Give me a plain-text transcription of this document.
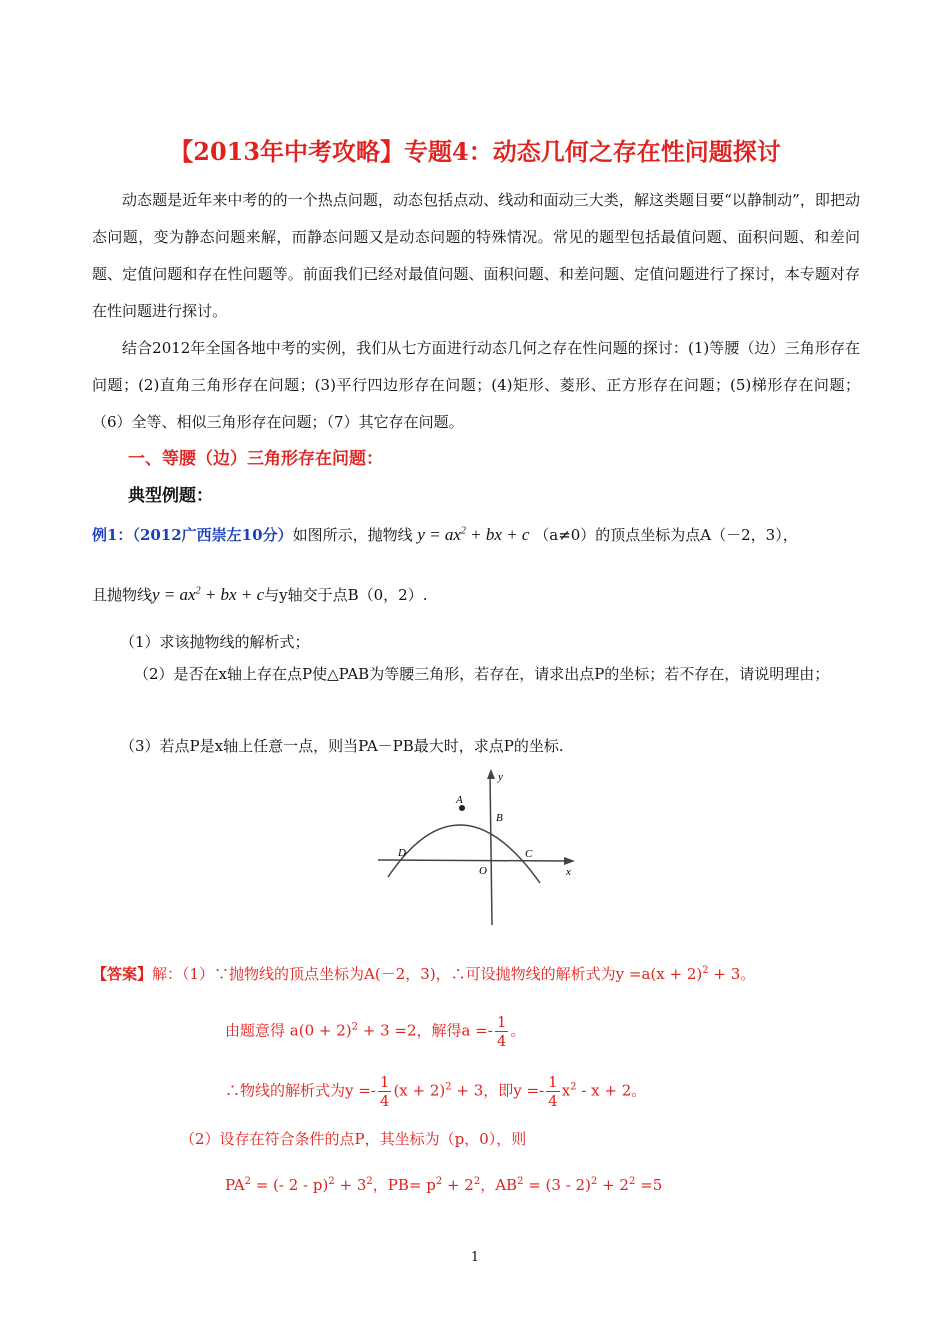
【2013年中考攻略】专题4：动态几何之存在性问题探讨
动态题是近年来中考的的一个热点问题，动态包括点动、线动和面动三大类，解这类题目要“以静制动”，即把动态问题，变为静态问题来解，而静态问题又是动态问题的特殊情况。常见的题型包括最值问题、面积问题、和差问题、定值问题和存在性问题等。前面我们已经对最值问题、面积问题、和差问题、定值问题进行了探讨，本专题对存在性问题进行探讨。
结合2012年全国各地中考的实例，我们从七方面进行动态几何之存在性问题的探讨：(1)等腰（边）三角形存在问题；(2)直角三角形存在问题；(3)平行四边形存在问题；(4)矩形、菱形、正方形存在问题；(5)梯形存在问题；（6）全等、相似三角形存在问题；（7）其它存在问题。
一、等腰（边）三角形存在问题：
典型例题：
例1：（2012广西崇左10分）如图所示，抛物线 $y = ax^2$ + bx + c （a≠0）的顶点坐标为点A（－2，3），
且抛物线$y = ax^2$ + bx + c与y轴交于点B（0，2）.
（1）求该抛物线的解析式；
（2）是否在x轴上存在点P使△PAB为等腰三角形，若存在，请求出点P的坐标；若不存在，请说明理由；
（3）若点P是x轴上任意一点，则当PA－PB最大时，求点P的坐标.
y
x
A
B
C
D
O
【答案】解：（1）∵抛物线的顶点坐标为A(－2，3)，∴可设抛物线的解析式为$y =a(x + 2)^2 + 3$。
由题意得 $a(0 + 2)^2 + 3 =2$，解得$a =- \frac{1}{4}$ 。
∴物线的解析式为$y =- \frac{1}{4} (x + 2)^2 + 3$，即$y =- \frac{1}{4} x^2 - x + 2$。
（2）设存在符合条件的点P，其坐标为（p，0），则
$PA^2$ = (- $2 - p)^2 + 3^2$，$PB= p^2 + 2^2$，$AB^2 = (3 - 2)^2 + 2^2 =5$
1
